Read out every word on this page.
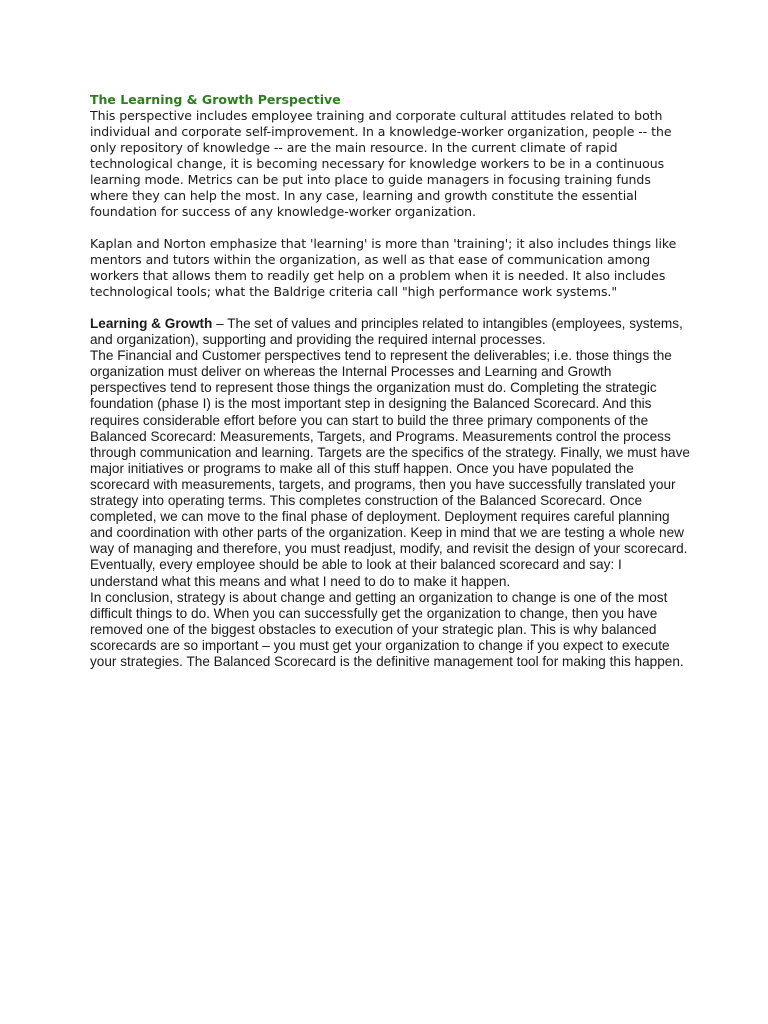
The Learning & Growth Perspective

This perspective includes employee training and corporate cultural attitudes related to both individual and corporate self-improvement. In a knowledge-worker organization, people -- the only repository of knowledge -- are the main resource. In the current climate of rapid technological change, it is becoming necessary for knowledge workers to be in a continuous learning mode. Metrics can be put into place to guide managers in focusing training funds where they can help the most. In any case, learning and growth constitute the essential foundation for success of any knowledge-worker organization.

Kaplan and Norton emphasize that 'learning' is more than 'training'; it also includes things like mentors and tutors within the organization, as well as that ease of communication among workers that allows them to readily get help on a problem when it is needed. It also includes technological tools; what the Baldrige criteria call "high performance work systems."

Learning & Growth – The set of values and principles related to intangibles (employees, systems, and organization), supporting and providing the required internal processes.

The Financial and Customer perspectives tend to represent the deliverables; i.e. those things the organization must deliver on whereas the Internal Processes and Learning and Growth perspectives tend to represent those things the organization must do. Completing the strategic foundation (phase I) is the most important step in designing the Balanced Scorecard. And this requires considerable effort before you can start to build the three primary components of the Balanced Scorecard: Measurements, Targets, and Programs. Measurements control the process through communication and learning. Targets are the specifics of the strategy. Finally, we must have major initiatives or programs to make all of this stuff happen. Once you have populated the scorecard with measurements, targets, and programs, then you have successfully translated your strategy into operating terms. This completes construction of the Balanced Scorecard. Once completed, we can move to the final phase of deployment. Deployment requires careful planning and coordination with other parts of the organization. Keep in mind that we are testing a whole new way of managing and therefore, you must readjust, modify, and revisit the design of your scorecard. Eventually, every employee should be able to look at their balanced scorecard and say: I understand what this means and what I need to do to make it happen.

In conclusion, strategy is about change and getting an organization to change is one of the most difficult things to do. When you can successfully get the organization to change, then you have removed one of the biggest obstacles to execution of your strategic plan. This is why balanced scorecards are so important – you must get your organization to change if you expect to execute your strategies. The Balanced Scorecard is the definitive management tool for making this happen.
